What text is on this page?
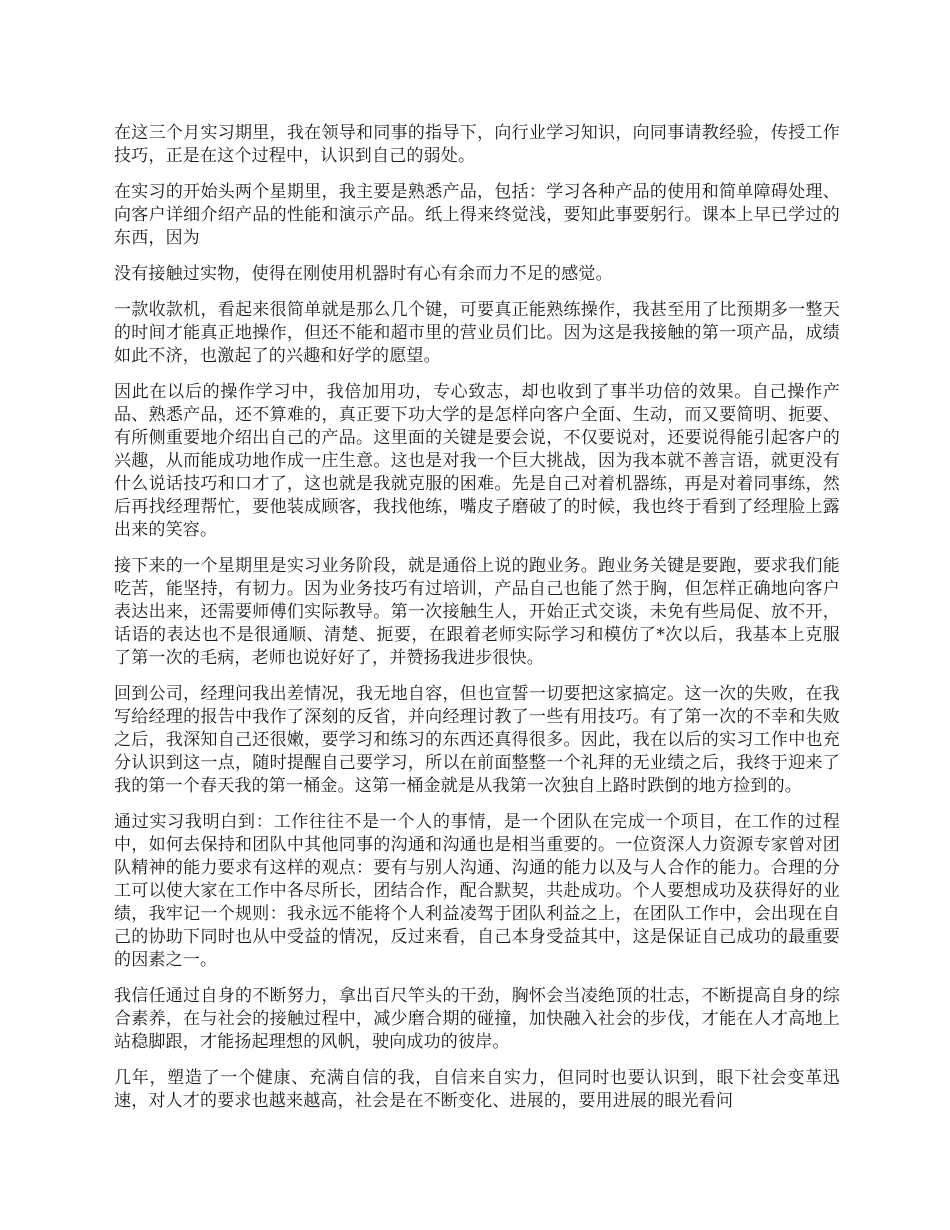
在这三个月实习期里，我在领导和同事的指导下，向行业学习知识，向同事请教经验，传授工作技巧，正是在这个过程中，认识到自己的弱处。

在实习的开始头两个星期里，我主要是熟悉产品，包括：学习各种产品的使用和简单障碍处理、向客户详细介绍产品的性能和演示产品。纸上得来终觉浅，要知此事要躬行。课本上早已学过的东西，因为

没有接触过实物，使得在刚使用机器时有心有余而力不足的感觉。

一款收款机，看起来很简单就是那么几个键，可要真正能熟练操作，我甚至用了比预期多一整天的时间才能真正地操作，但还不能和超市里的营业员们比。因为这是我接触的第一项产品，成绩如此不济，也激起了的兴趣和好学的愿望。

因此在以后的操作学习中，我倍加用功，专心致志，却也收到了事半功倍的效果。自己操作产品、熟悉产品，还不算难的，真正要下功大学的是怎样向客户全面、生动，而又要简明、扼要、有所侧重要地介绍出自己的产品。这里面的关键是要会说，不仅要说对，还要说得能引起客户的兴趣，从而能成功地作成一庄生意。这也是对我一个巨大挑战，因为我本就不善言语，就更没有什么说话技巧和口才了，这也就是我就克服的困难。先是自己对着机器练，再是对着同事练，然后再找经理帮忙，要他装成顾客，我找他练，嘴皮子磨破了的时候，我也终于看到了经理脸上露出来的笑容。

接下来的一个星期里是实习业务阶段，就是通俗上说的跑业务。跑业务关键是要跑，要求我们能吃苦，能坚持，有韧力。因为业务技巧有过培训，产品自己也能了然于胸，但怎样正确地向客户表达出来，还需要师傅们实际教导。第一次接触生人，开始正式交谈，未免有些局促、放不开，话语的表达也不是很通顺、清楚、扼要，在跟着老师实际学习和模仿了*次以后，我基本上克服了第一次的毛病，老师也说好好了，并赞扬我进步很快。

回到公司，经理问我出差情况，我无地自容，但也宣誓一切要把这家搞定。这一次的失败，在我写给经理的报告中我作了深刻的反省，并向经理讨教了一些有用技巧。有了第一次的不幸和失败之后，我深知自己还很嫩，要学习和练习的东西还真得很多。因此，我在以后的实习工作中也充分认识到这一点，随时提醒自己要学习，所以在前面整整一个礼拜的无业绩之后，我终于迎来了我的第一个春天我的第一桶金。这第一桶金就是从我第一次独自上路时跌倒的地方捡到的。

通过实习我明白到：工作往往不是一个人的事情，是一个团队在完成一个项目，在工作的过程中，如何去保持和团队中其他同事的沟通和沟通也是相当重要的。一位资深人力资源专家曾对团队精神的能力要求有这样的观点：要有与别人沟通、沟通的能力以及与人合作的能力。合理的分工可以使大家在工作中各尽所长，团结合作，配合默契，共赴成功。个人要想成功及获得好的业绩，我牢记一个规则：我永远不能将个人利益凌驾于团队利益之上，在团队工作中，会出现在自己的协助下同时也从中受益的情况，反过来看，自己本身受益其中，这是保证自己成功的最重要的因素之一。

我信任通过自身的不断努力，拿出百尺竿头的干劲，胸怀会当凌绝顶的壮志，不断提高自身的综合素养，在与社会的接触过程中，减少磨合期的碰撞，加快融入社会的步伐，才能在人才高地上站稳脚跟，才能扬起理想的风帆，驶向成功的彼岸。

几年，塑造了一个健康、充满自信的我，自信来自实力，但同时也要认识到，眼下社会变革迅速，对人才的要求也越来越高，社会是在不断变化、进展的，要用进展的眼光看问
